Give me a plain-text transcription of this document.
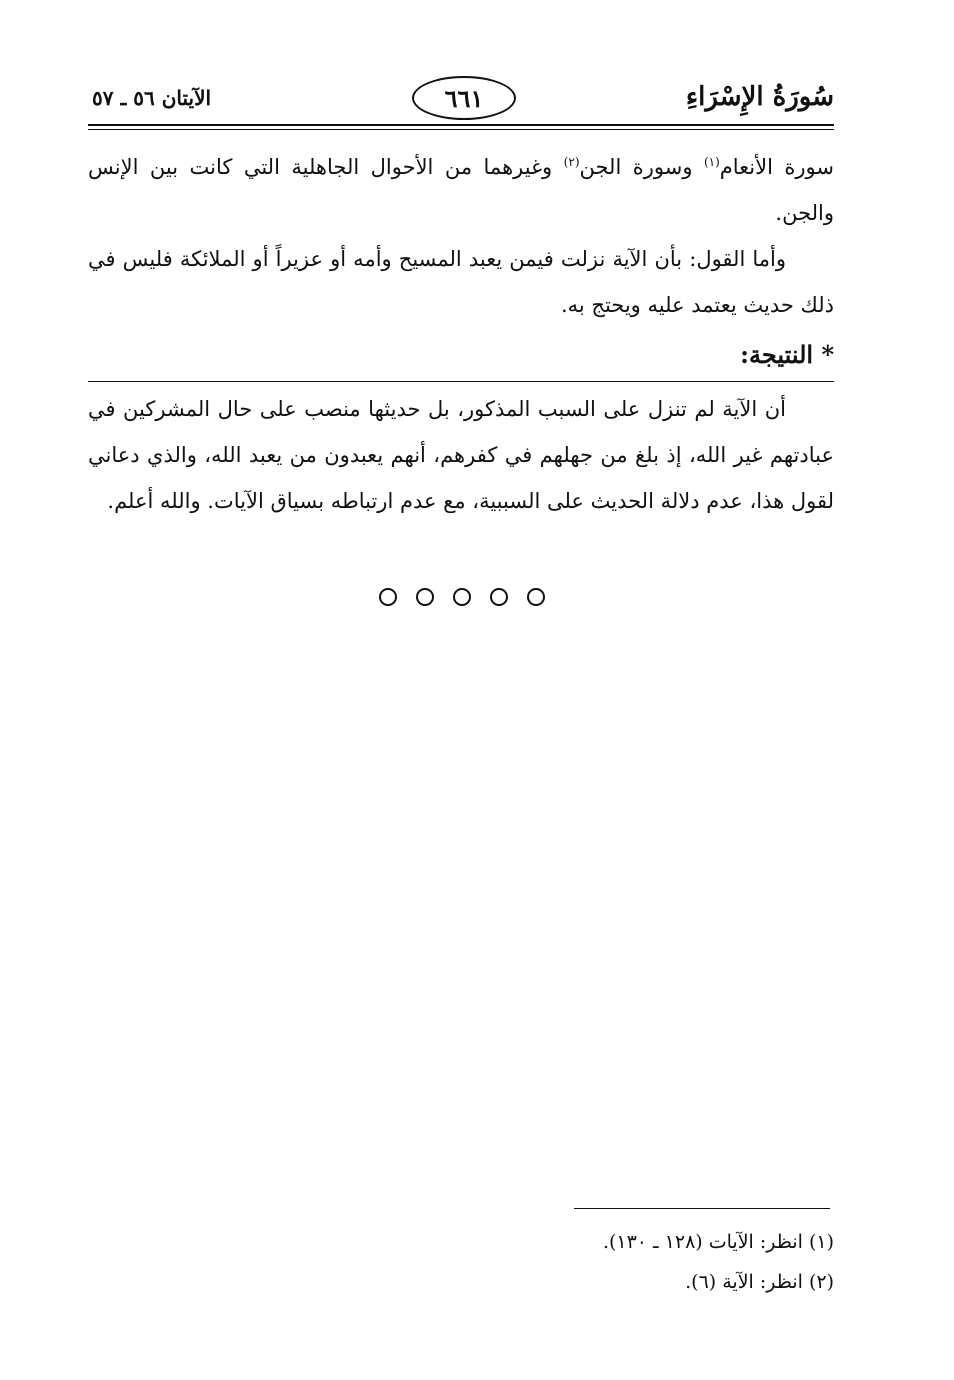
سُورَةُ الإِسْرَاءِ
٦٦١
الآيتان ٥٦ ـ ٥٧

سورة الأنعام$^{(١)}$ وسورة الجن$^{(٢)}$ وغيرهما من الأحوال الجاهلية التي كانت بين الإنس والجن.

وأما القول: بأن الآية نزلت فيمن يعبد المسيح وأمه أو عزيراً أو الملائكة فليس في ذلك حديث يعتمد عليه ويحتج به.

* النتيجة:

أن الآية لم تنزل على السبب المذكور، بل حديثها منصب على حال المشركين في عبادتهم غير الله، إذ بلغ من جهلهم في كفرهم، أنهم يعبدون من يعبد الله، والذي دعاني لقول هذا، عدم دلالة الحديث على السببية، مع عدم ارتباطه بسياق الآيات. والله أعلم.

(١) انظر: الآيات (١٢٨ ـ ١٣٠).
(٢) انظر: الآية (٦).
